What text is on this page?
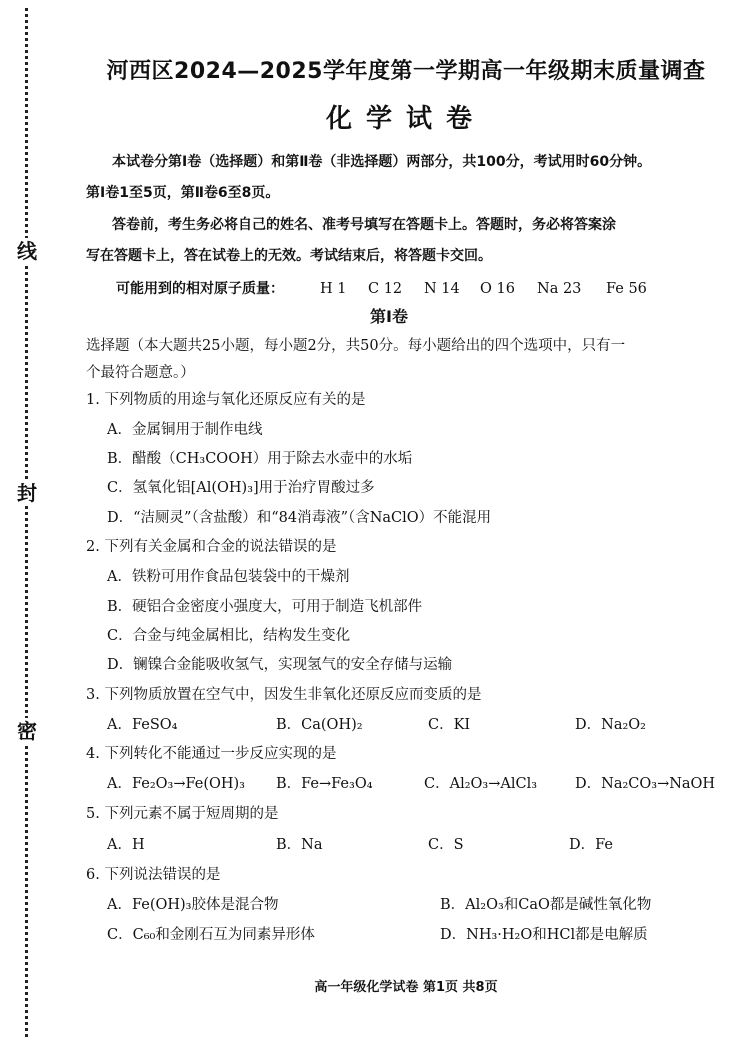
线
封
密
河西区2024—2025学年度第一学期高一年级期末质量调查
化学试卷
本试卷分第Ⅰ卷（选择题）和第Ⅱ卷（非选择题）两部分，共100分，考试用时60分钟。
第Ⅰ卷1至5页，第Ⅱ卷6至8页。
答卷前，考生务必将自己的姓名、准考号填写在答题卡上。答题时，务必将答案涂
写在答题卡上，答在试卷上的无效。考试结束后，将答题卡交回。
可能用到的相对原子质量： H 1 C 12 N 14 O 16 Na 23 Fe 56
第Ⅰ卷
选择题（本大题共25小题，每小题2分，共50分。每小题给出的四个选项中，只有一
个最符合题意。）
1. 下列物质的用途与氧化还原反应有关的是
A．金属铜用于制作电线
B．醋酸（CH₃COOH）用于除去水壶中的水垢
C．氢氧化铝[Al(OH)₃]用于治疗胃酸过多
D．“洁厕灵”（含盐酸）和“84消毒液”（含NaClO）不能混用
2. 下列有关金属和合金的说法错误的是
A．铁粉可用作食品包装袋中的干燥剂
B．硬铝合金密度小强度大，可用于制造飞机部件
C．合金与纯金属相比，结构发生变化
D．镧镍合金能吸收氢气，实现氢气的安全存储与运输
3. 下列物质放置在空气中，因发生非氧化还原反应而变质的是
A．FeSO₄	B．Ca(OH)₂	C．KI	D．Na₂O₂
4. 下列转化不能通过一步反应实现的是
A．Fe₂O₃→Fe(OH)₃ B．Fe→Fe₃O₄	C．Al₂O₃→AlCl₃	D．Na₂CO₃→NaOH
5. 下列元素不属于短周期的是
A．H	B．Na	C．S	D．Fe
6. 下列说法错误的是
A．Fe(OH)₃胶体是混合物	B．Al₂O₃和CaO都是碱性氧化物
C．C₆₀和金刚石互为同素异形体	D．NH₃·H₂O和HCl都是电解质
高一年级化学试卷 第1页 共8页
